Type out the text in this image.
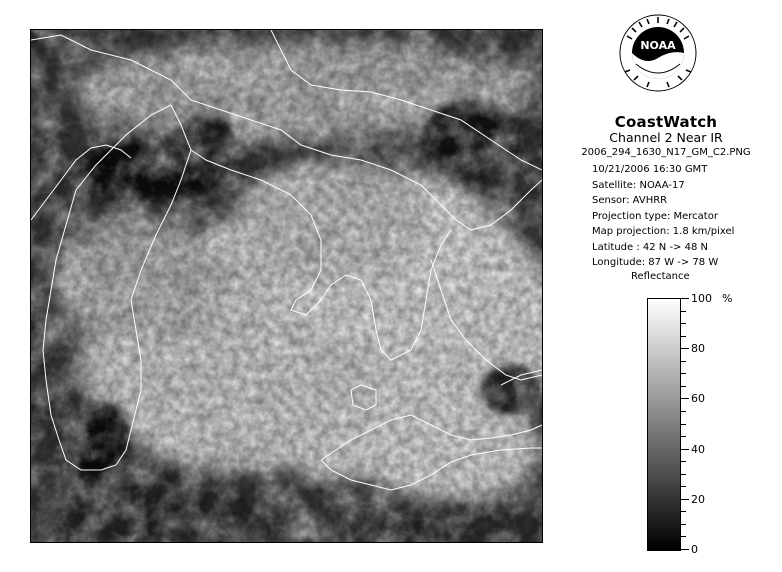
NOAA
CoastWatch
Channel 2 Near IR
2006_294_1630_N17_GM_C2.PNG
10/21/2006 16:30 GMT
Satellite: NOAA-17
Sensor: AVHRR
Projection type: Mercator
Map projection: 1.8 km/pixel
Latitude : 42 N -> 48 N
Longitude: 87 W -> 78 W
Reflectance
%
100
80
60
40
20
0
